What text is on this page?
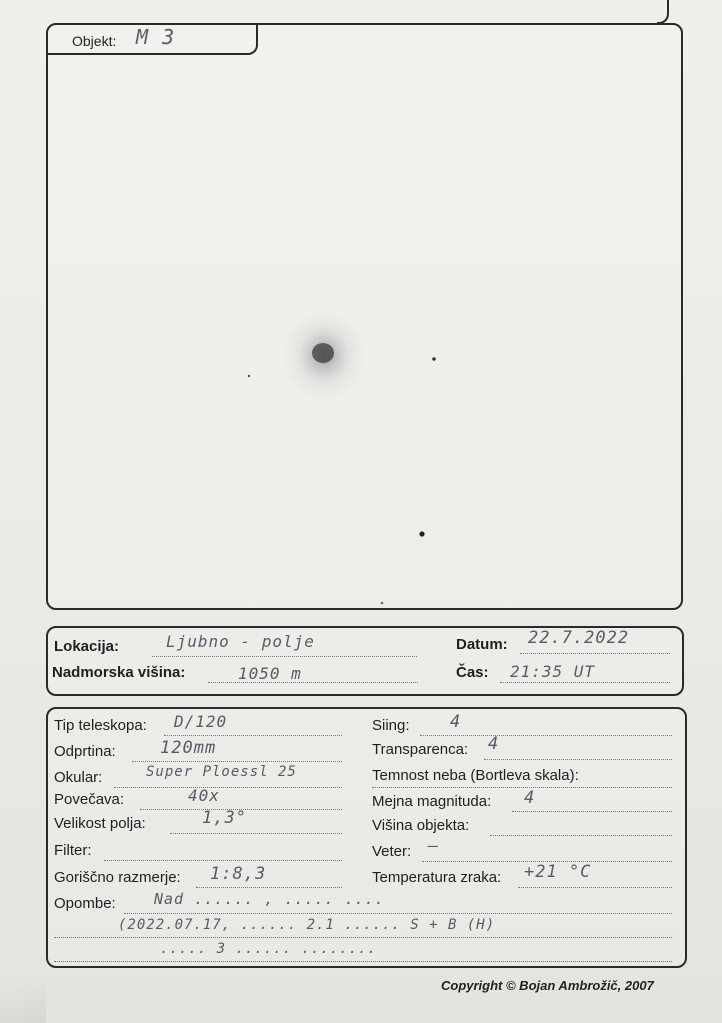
Objekt: M 3
Lokacija:	Ljubno - polje	Datum: 22.7.2022
Nadmorska višina:	1050 m	Čas: 21:35 UT
Tip teleskopa: D/120
Odprtina:	120mm
Okular:	Super Ploessl 25
Povečava:	40x
Velikost polja:	1,3°
Filter:
Goriščno razmerje: 1:8,3
Opombe:	Nad ...... , ..... ....
(2022.07.17, ...... 2.1 ...... S + B (H)
..... 3 ...... ........
Siing: 4
Transparenca: 4
Temnost neba (Bortleva skala):
Mejna magnituda: 4
Višina objekta:
Veter: —
Temperatura zraka: +21 °C
Copyright © Bojan Ambrožič, 2007
